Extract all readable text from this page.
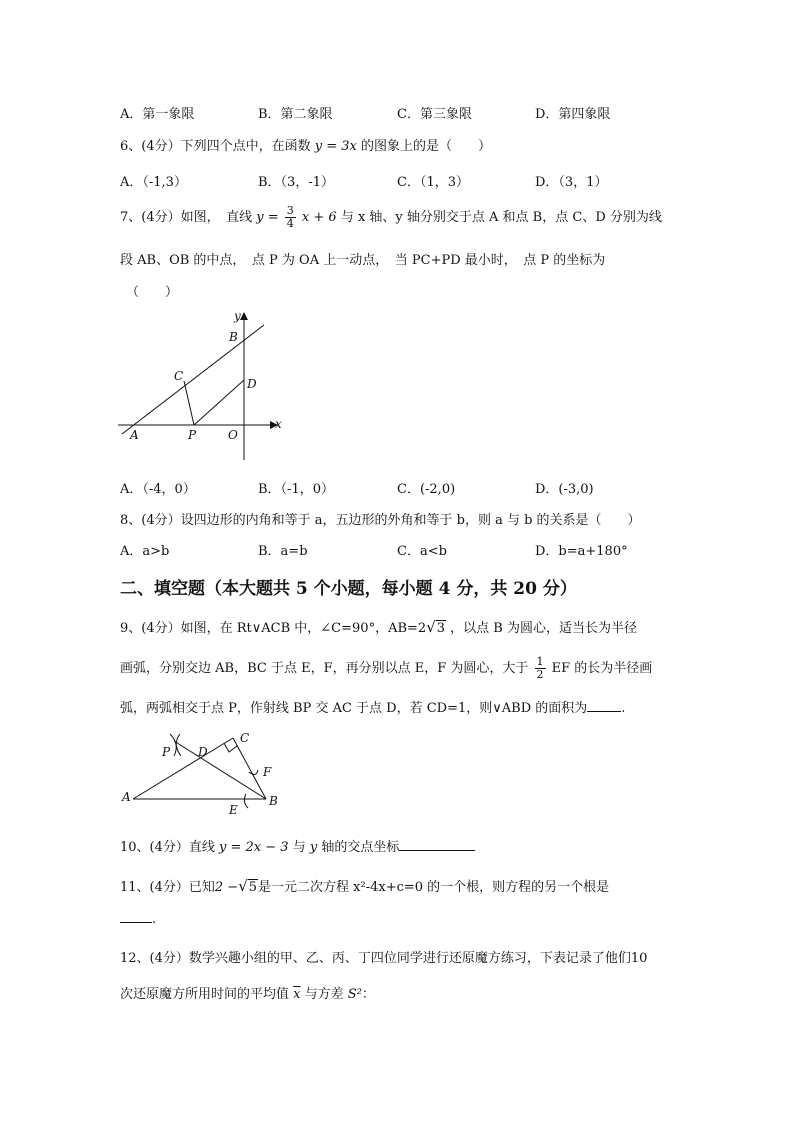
A．第一象限	B．第二象限	C．第三象限	D．第四象限
6、(4分）下列四个点中，在函数 y = 3x 的图象上的是（　　）
A．（-1,3）	B．（3，-1）	C．（1，3）	D．（3，1）
7、(4分）如图，　直线 $y = \frac{3}{4}$ x + 6 与 x 轴、y 轴分别交于点 A 和点 B，点 C、D 分别为线
段 AB、OB 的中点，　点 P 为 OA 上一动点，　当 PC+PD 最小时，　点 P 的坐标为
（　　）
y
B
C
D
A	P	O
x
A．（-4，0）	B．（-1，0）	C．(-2,0)	D．(-3,0)
8、(4分）设四边形的内角和等于 a，五边形的外角和等于 b，则 a 与 b 的关系是（　　）
A．a>b	B．a=b	C．a<b	D．b=a+180°
二、填空题（本大题共 5 个小题，每小题 4 分，共 20 分）
9、(4分）如图，在 Rt∨ACB 中，∠C=90°，AB=2√3 ，以点 B 为圆心，适当长为半径
画弧，分别交边 AB，BC 于点 E，F，再分别以点 E，F 为圆心，大于 $\frac{1}{2}$ EF 的长为半径画
弧，两弧相交于点 P，作射线 BP 交 AC 于点 D，若 CD=1，则∨ABD 的面积为	.
P D
C
F
A
E
B
10、(4分）直线 y = 2x − 3 与 y 轴的交点坐标
11、(4分）已知2 −√5是一元二次方程 x²-4x+c=0 的一个根，则方程的另一个根是
.
12、(4分）数学兴趣小组的甲、乙、丙、丁四位同学进行还原魔方练习，下表记录了他们10
次还原魔方所用时间的平均值 $\overline{x}$ 与方差 S²：
